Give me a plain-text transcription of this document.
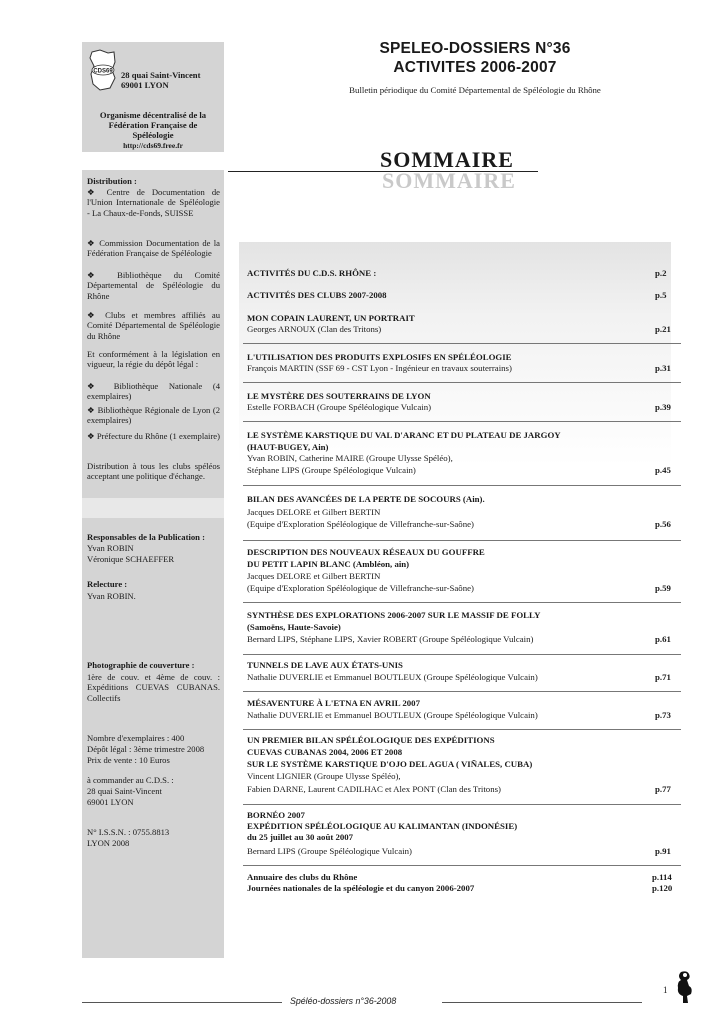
CDS69 28 quai Saint-Vincent
69001 LYON
Organisme décentralisé de la
Fédération Française de
Spéléologie
http://cds69.free.fr
Distribution :
❖ Centre de Documentation de l'Union Internationale de Spéléologie - La Chaux-de-Fonds, SUISSE
❖ Commission Documentation de la Fédération Française de Spéléologie
❖ Bibliothèque du Comité Départemental de Spéléologie du Rhône
❖ Clubs et membres affiliés au Comité Départemental de Spéléologie du Rhône
Et conformément à la législation en vigueur, la régie du dépôt légal :
❖ Bibliothèque Nationale (4 exemplaires)
❖ Bibliothèque Régionale de Lyon (2 exemplaires)
❖ Préfecture du Rhône (1 exemplaire)
Distribution à tous les clubs spéléos acceptant une politique d'échange.
Responsables de la Publication :
Yvan ROBIN
Véronique SCHAEFFER
Relecture :
Yvan ROBIN.
Photographie de couverture :
1ère de couv. et 4ème de couv. : Expéditions CUEVAS CUBANAS. Collectifs
Nombre d'exemplaires : 400
Dépôt légal : 3ème trimestre 2008
Prix de vente : 10 Euros
à commander au C.D.S. :
28 quai Saint-Vincent
69001 LYON
N° I.S.S.N. : 0755.8813
LYON 2008
SPELEO-DOSSIERS N°36
ACTIVITES 2006-2007
Bulletin périodique du Comité Départemental de Spéléologie du Rhône
SOMMAIRE
SOMMAIRE
ACTIVITÉS DU C.D.S. RHÔNE :	p.2
ACTIVITÉS DES CLUBS 2007-2008	p.5
MON COPAIN LAURENT, UN PORTRAIT
Georges ARNOUX (Clan des Tritons)	p.21
L'UTILISATION DES PRODUITS EXPLOSIFS EN SPÉLÉOLOGIE
François MARTIN (SSF 69 - CST Lyon - Ingénieur en travaux souterrains)	p.31
LE MYSTÈRE DES SOUTERRAINS DE LYON
Estelle FORBACH (Groupe Spéléologique Vulcain)	p.39
LE SYSTÈME KARSTIQUE DU VAL D'ARANC ET DU PLATEAU DE JARGOY
(HAUT-BUGEY, Ain)
Yvan ROBIN, Catherine MAIRE (Groupe Ulysse Spéléo),
Stéphane LIPS (Groupe Spéléologique Vulcain)	p.45
BILAN DES AVANCÉES DE LA PERTE DE SOCOURS (Ain).
Jacques DELORE et Gilbert BERTIN
(Equipe d'Exploration Spéléologique de Villefranche-sur-Saône)	p.56
DESCRIPTION DES NOUVEAUX RÉSEAUX DU GOUFFRE
DU PETIT LAPIN BLANC (Ambléon, ain)
Jacques DELORE et Gilbert BERTIN
(Equipe d'Exploration Spéléologique de Villefranche-sur-Saône)	p.59
SYNTHÈSE DES EXPLORATIONS 2006-2007 SUR LE MASSIF DE FOLLY
(Samoëns, Haute-Savoie)
Bernard LIPS, Stéphane LIPS, Xavier ROBERT (Groupe Spéléologique Vulcain)	p.61
TUNNELS DE LAVE AUX ÉTATS-UNIS
Nathalie DUVERLIE et Emmanuel BOUTLEUX (Groupe Spéléologique Vulcain)	p.71
MÉSAVENTURE À L'ETNA EN AVRIL 2007
Nathalie DUVERLIE et Emmanuel BOUTLEUX (Groupe Spéléologique Vulcain)	p.73
UN PREMIER BILAN SPÉLÉOLOGIQUE DES EXPÉDITIONS
CUEVAS CUBANAS 2004, 2006 ET 2008
SUR LE SYSTÈME KARSTIQUE D'OJO DEL AGUA ( VIÑALES, CUBA)
Vincent LIGNIER (Groupe Ulysse Spéléo),
Fabien DARNE, Laurent CADILHAC et Alex PONT (Clan des Tritons)	p.77
BORNÉO 2007
EXPÉDITION SPÉLÉOLOGIQUE AU KALIMANTAN (INDONÉSIE)
du 25 juillet au 30 août 2007
Bernard LIPS (Groupe Spéléologique Vulcain)	p.91
Annuaire des clubs du Rhône	p.114
Journées nationales de la spéléologie et du canyon 2006-2007	p.120
Spéléo-dossiers n°36-2008
1
